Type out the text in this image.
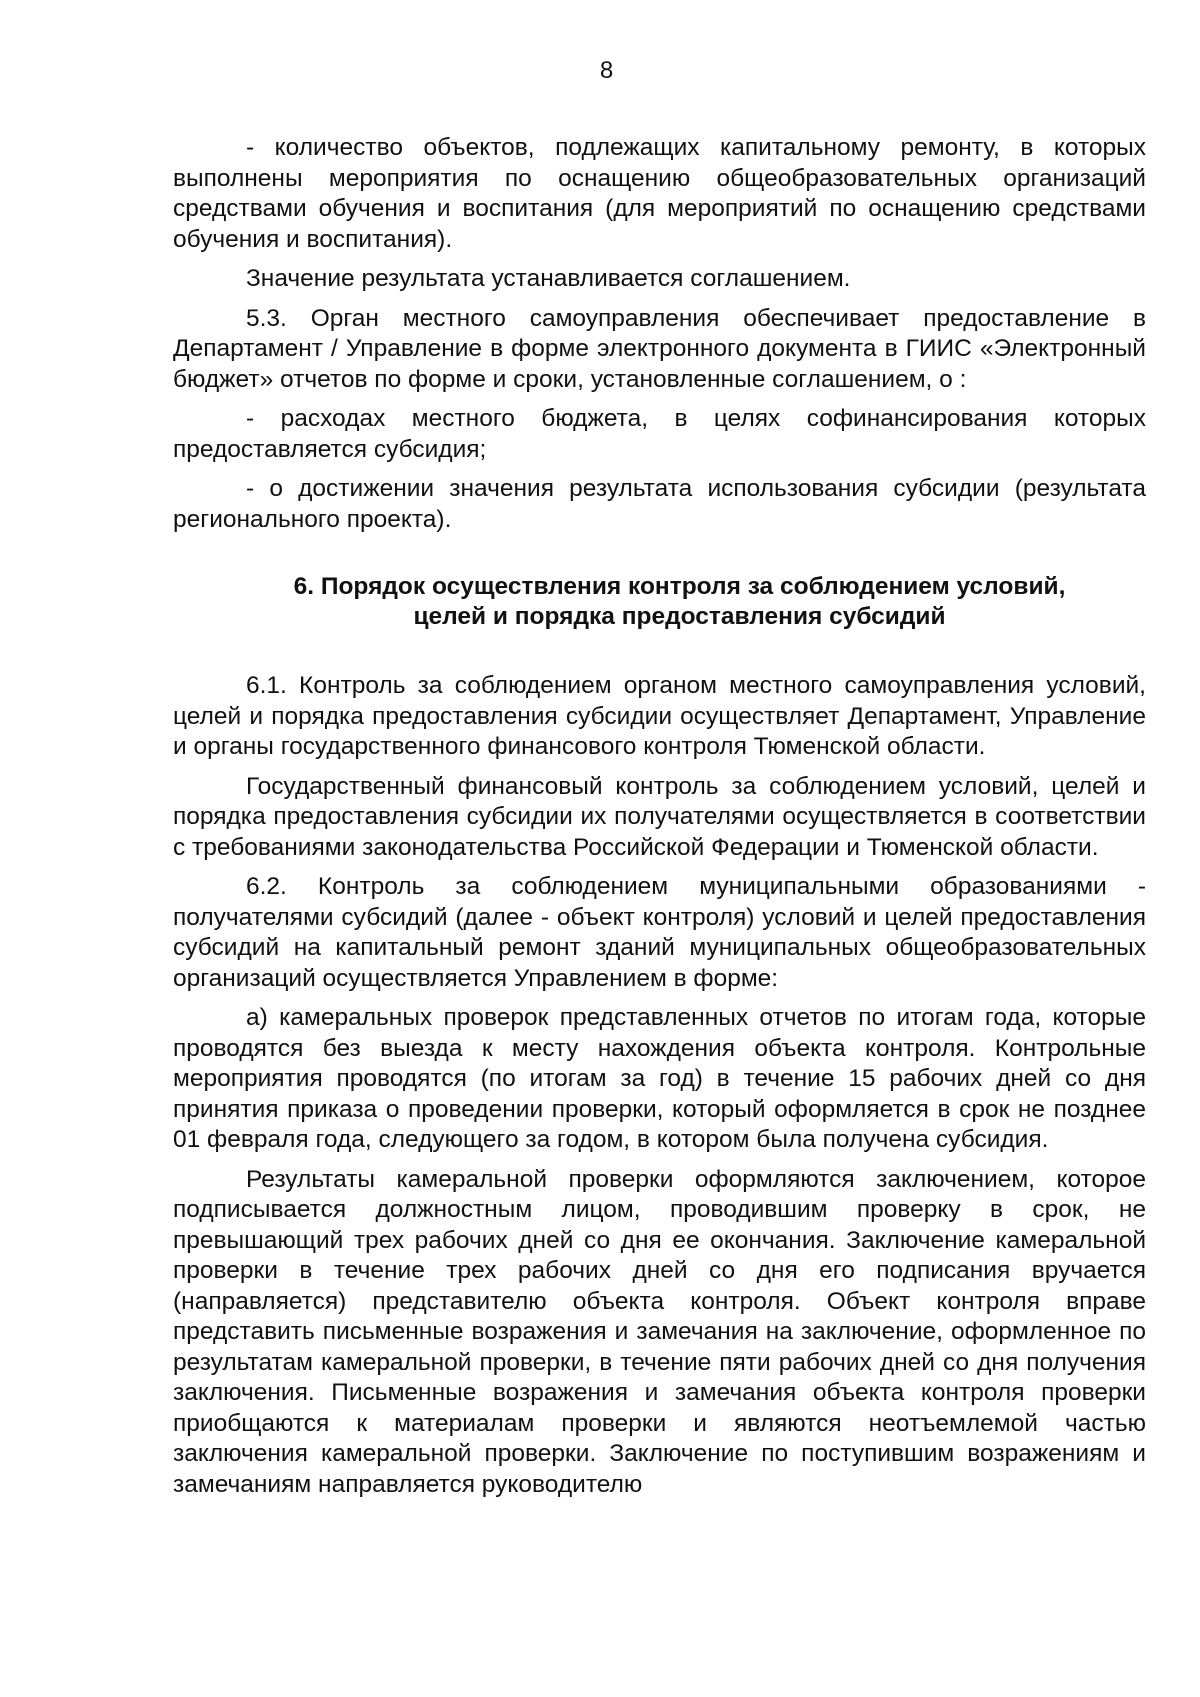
8

- количество объектов, подлежащих капитальному ремонту, в которых выполнены мероприятия по оснащению общеобразовательных организаций средствами обучения и воспитания (для мероприятий по оснащению средствами обучения и воспитания).

Значение результата устанавливается соглашением.

5.3. Орган местного самоуправления обеспечивает предоставление в Департамент / Управление в форме электронного документа в ГИИС «Электронный бюджет» отчетов по форме и сроки, установленные соглашением, о :

- расходах местного бюджета, в целях софинансирования которых предоставляется субсидия;

- о достижении значения результата использования субсидии (результата регионального проекта).

6. Порядок осуществления контроля за соблюдением условий,
целей и порядка предоставления субсидий

6.1. Контроль за соблюдением органом местного самоуправления условий, целей и порядка предоставления субсидии осуществляет Департамент, Управление и органы государственного финансового контроля Тюменской области.

Государственный финансовый контроль за соблюдением условий, целей и порядка предоставления субсидии их получателями осуществляется в соответствии с требованиями законодательства Российской Федерации и Тюменской области.

6.2. Контроль за соблюдением муниципальными образованиями - получателями субсидий (далее - объект контроля) условий и целей предоставления субсидий на капитальный ремонт зданий муниципальных общеобразовательных организаций осуществляется Управлением в форме:

а) камеральных проверок представленных отчетов по итогам года, которые проводятся без выезда к месту нахождения объекта контроля. Контрольные мероприятия проводятся (по итогам за год) в течение 15 рабочих дней со дня принятия приказа о проведении проверки, который оформляется в срок не позднее 01 февраля года, следующего за годом, в котором была получена субсидия.

Результаты камеральной проверки оформляются заключением, которое подписывается должностным лицом, проводившим проверку в срок, не превышающий трех рабочих дней со дня ее окончания. Заключение камеральной проверки в течение трех рабочих дней со дня его подписания вручается (направляется) представителю объекта контроля. Объект контроля вправе представить письменные возражения и замечания на заключение, оформленное по результатам камеральной проверки, в течение пяти рабочих дней со дня получения заключения. Письменные возражения и замечания объекта контроля проверки приобщаются к материалам проверки и являются неотъемлемой частью заключения камеральной проверки. Заключение по поступившим возражениям и замечаниям направляется руководителю
